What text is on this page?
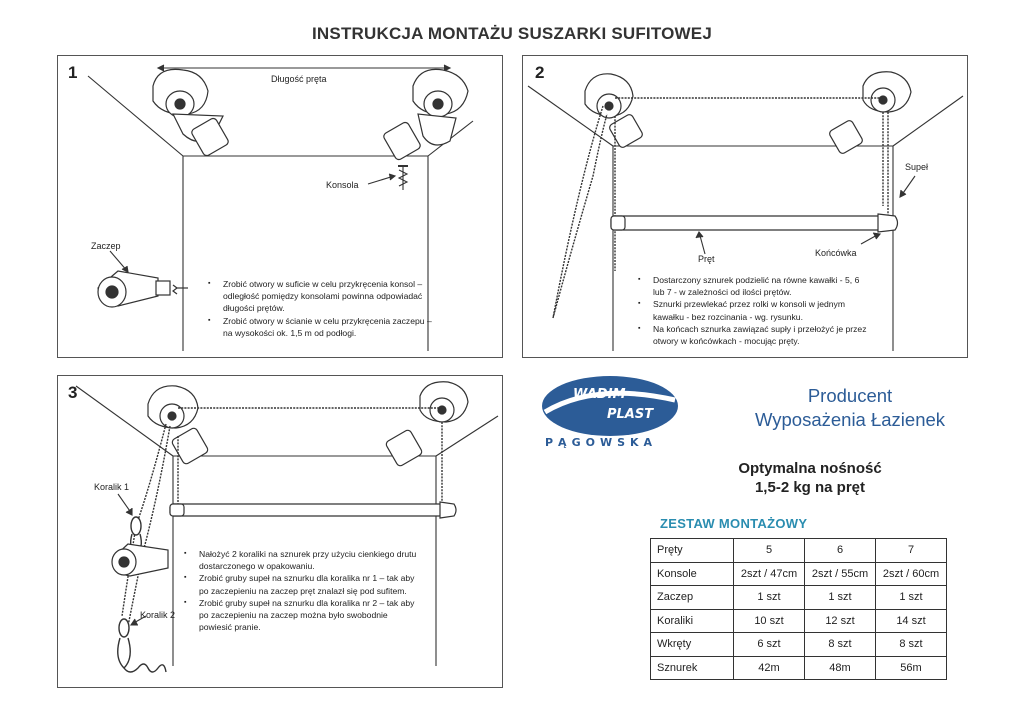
INSTRUKCJA MONTAŻU SUSZARKI SUFITOWEJ
1	Długość pręta
Konsola
Zaczep
▪ Zrobić otwory w suficie w celu przykręcenia konsol – odległość pomiędzy konsolami powinna odpowiadać długości prętów.
▪ Zrobić otwory w ścianie w celu przykręcenia zaczepu – na wysokości ok. 1,5 m od podłogi.
2
Supeł
Pręt
Końcówka
▪ Dostarczony sznurek podzielić na równe kawałki - 5, 6 lub 7 - w zależności od ilości prętów.
▪ Sznurki przewlekać przez rolki w konsoli w jednym kawałku - bez rozcinania - wg. rysunku.
▪ Na końcach sznurka zawiązać supły i przełożyć je przez otwory w końcówkach - mocując pręty.
3
Koralik 1
Koralik 2
▪ Nałożyć 2 koraliki na sznurek przy użyciu cienkiego drutu dostarczonego w opakowaniu.
▪ Zrobić gruby supeł na sznurku dla koralika nr 1 – tak aby po zaczepieniu na zaczep pręt znalazł się pod sufitem.
▪ Zrobić gruby supeł na sznurku dla koralika nr 2 – tak aby po zaczepieniu na zaczep można było swobodnie powiesić pranie.
WADIM
PLAST
PĄGOWSKA
Producent
Wyposażenia Łazienek
Optymalna nośność
1,5-2 kg na pręt
ZESTAW MONTAŻOWY
Pręty	5	6	7
Konsole	2szt / 47cm	2szt / 55cm	2szt / 60cm
Zaczep	1 szt	1 szt	1 szt
Koraliki	10 szt	12 szt	14 szt
Wkręty	6 szt	8 szt	8 szt
Sznurek	42m	48m	56m
